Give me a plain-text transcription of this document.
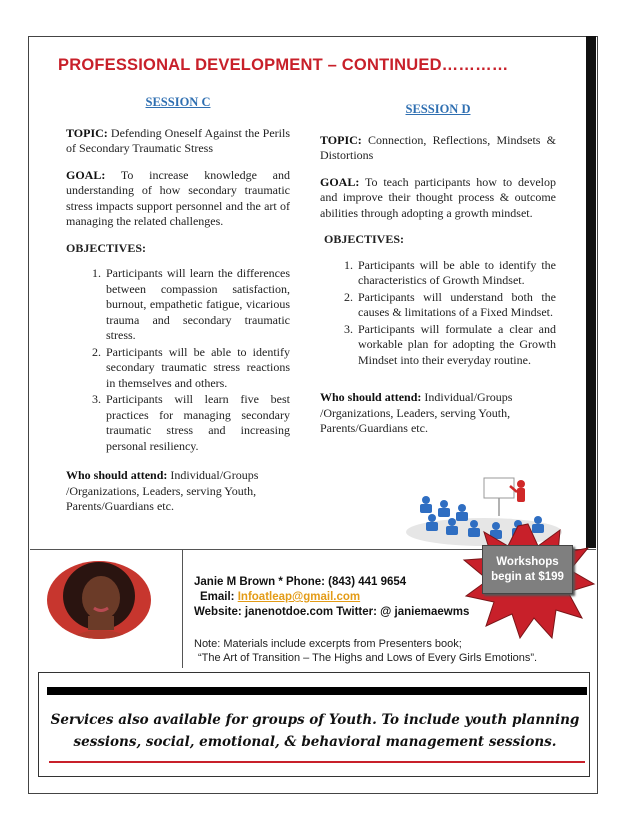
PROFESSIONAL DEVELOPMENT – CONTINUED…………
SESSION C

TOPIC: Defending Oneself Against the Perils of Secondary Traumatic Stress

GOAL: To increase knowledge and understanding of how secondary traumatic stress impacts support personnel and the art of managing the related challenges.

OBJECTIVES:
1. Participants will learn the differences between compassion satisfaction, burnout, empathetic fatigue, vicarious trauma and secondary traumatic stress.
2. Participants will be able to identify secondary traumatic stress reactions in themselves and others.
3. Participants will learn five best practices for managing secondary traumatic stress and increasing personal resiliency.

Who should attend: Individual/Groups /Organizations, Leaders, serving Youth, Parents/Guardians etc.

SESSION D

TOPIC: Connection, Reflections, Mindsets & Distortions

GOAL: To teach participants how to develop and improve their thought process & outcome abilities through adopting a growth mindset.

OBJECTIVES:
1. Participants will be able to identify the characteristics of Growth Mindset.
2. Participants will understand both the causes & limitations of a Fixed Mindset.
3. Participants will formulate a clear and workable plan for adopting the Growth Mindset into their everyday routine.

Who should attend: Individual/Groups /Organizations, Leaders, serving Youth, Parents/Guardians etc.

Janie M Brown * Phone: (843) 441 9654
Email: Infoatleap@gmail.com
Website: janenotdoe.com Twitter: @ janiemaewms
Note: Materials include excerpts from Presenters book;
“The Art of Transition – The Highs and Lows of Every Girls Emotions”.
Workshops
begin at $199
Services also available for groups of Youth. To include youth planning sessions, social, emotional, & behavioral management sessions.
